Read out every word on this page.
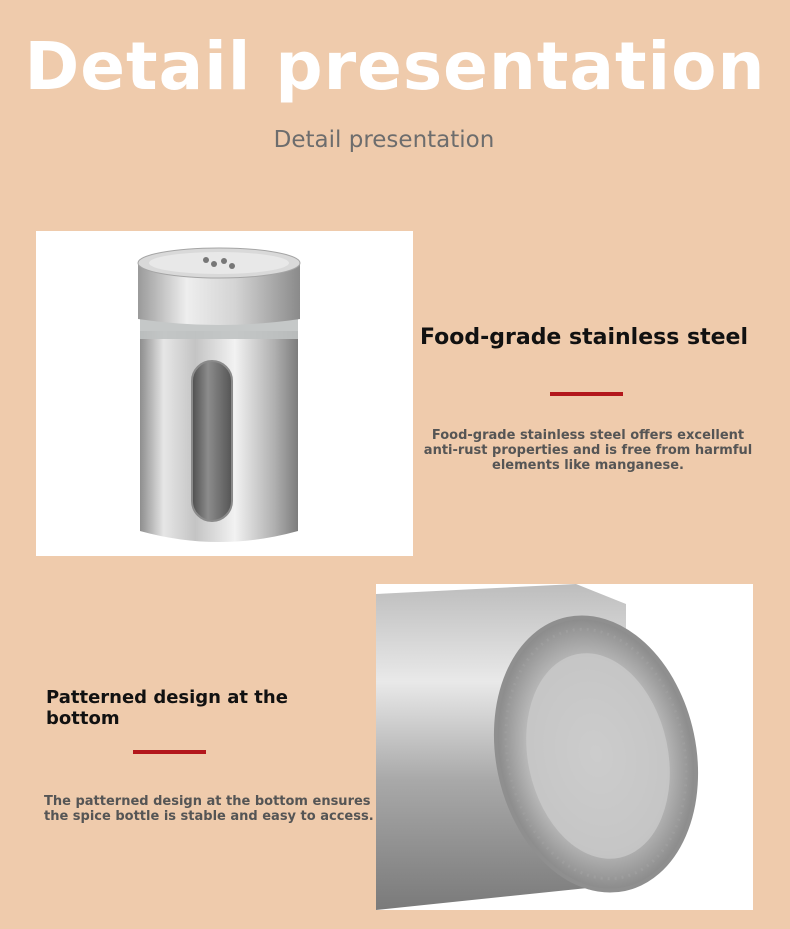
Detail presentation

Detail presentation

Food-grade stainless steel

Food-grade stainless steel offers excellent anti-rust properties and is free from harmful elements like manganese.

Patterned design at the bottom

The patterned design at the bottom ensures the spice bottle is stable and easy to access.
